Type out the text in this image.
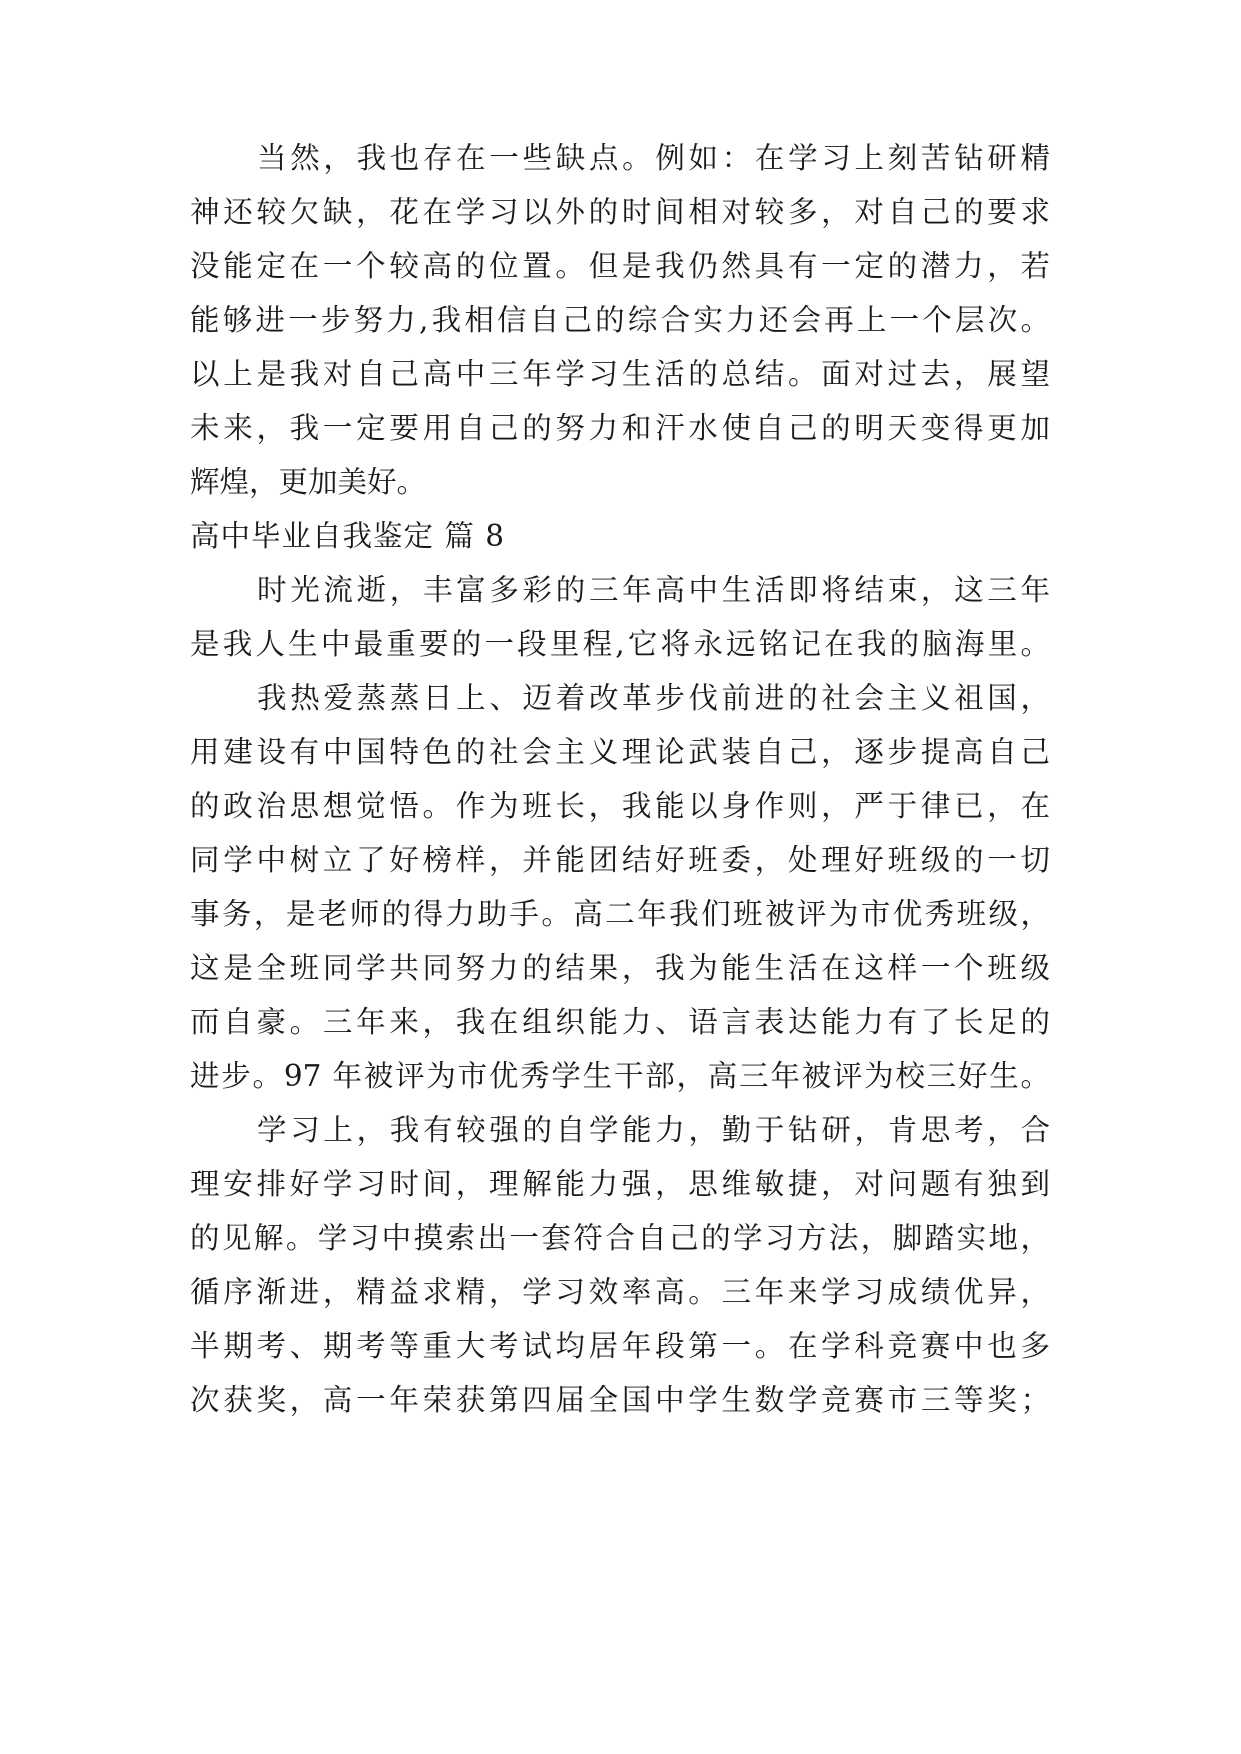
当然，我也存在一些缺点。例如：在学习上刻苦钻研精
神还较欠缺，花在学习以外的时间相对较多，对自己的要求
没能定在一个较高的位置。但是我仍然具有一定的潜力，若
能够进一步努力,我相信自己的综合实力还会再上一个层次。
以上是我对自己高中三年学习生活的总结。面对过去，展望
未来，我一定要用自己的努力和汗水使自己的明天变得更加
辉煌，更加美好。
高中毕业自我鉴定 篇 8
时光流逝，丰富多彩的三年高中生活即将结束，这三年
是我人生中最重要的一段里程,它将永远铭记在我的脑海里。
我热爱蒸蒸日上、迈着改革步伐前进的社会主义祖国，
用建设有中国特色的社会主义理论武装自己，逐步提高自己
的政治思想觉悟。作为班长，我能以身作则，严于律已，在
同学中树立了好榜样，并能团结好班委，处理好班级的一切
事务，是老师的得力助手。高二年我们班被评为市优秀班级，
这是全班同学共同努力的结果，我为能生活在这样一个班级
而自豪。三年来，我在组织能力、语言表达能力有了长足的
进步。97 年被评为市优秀学生干部，高三年被评为校三好生。
学习上，我有较强的自学能力，勤于钻研，肯思考，合
理安排好学习时间，理解能力强，思维敏捷，对问题有独到
的见解。学习中摸索出一套符合自己的学习方法，脚踏实地，
循序渐进，精益求精，学习效率高。三年来学习成绩优异，
半期考、期考等重大考试均居年段第一。在学科竞赛中也多
次获奖，高一年荣获第四届全国中学生数学竞赛市三等奖；
